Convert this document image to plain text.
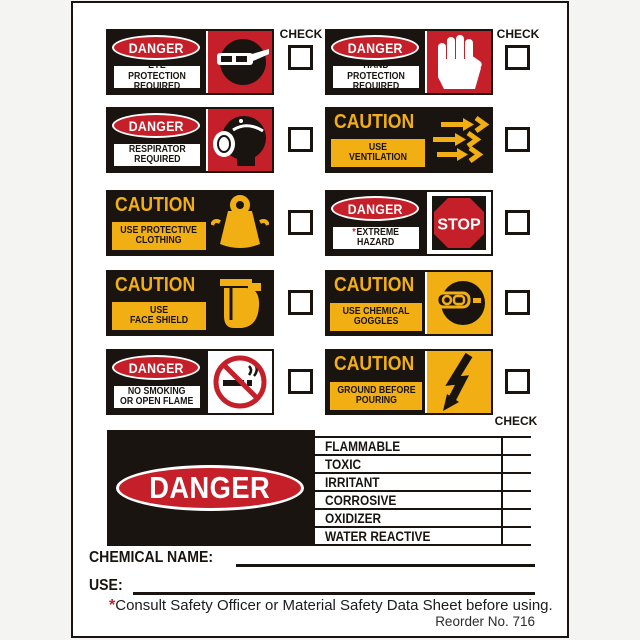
CHECK	CHECK
DANGER
EYE PROTECTION
REQUIRED
DANGER
HAND PROTECTION
REQUIRED
DANGER
RESPIRATOR
REQUIRED
CAUTION
USE
VENTILATION
CAUTION
USE PROTECTIVE
CLOTHING
DANGER
*EXTREME
HAZARD
STOP
CAUTION
USE
FACE SHIELD
CAUTION
USE CHEMICAL
GOGGLES
DANGER
NO SMOKING
OR OPEN FLAME
CAUTION
GROUND BEFORE
POURING
CHECK
DANGER
FLAMMABLE
TOXIC
IRRITANT
CORROSIVE
OXIDIZER
WATER REACTIVE
CHEMICAL NAME:
USE:
*Consult Safety Officer or Material Safety Data Sheet before using.
Reorder No. 716
